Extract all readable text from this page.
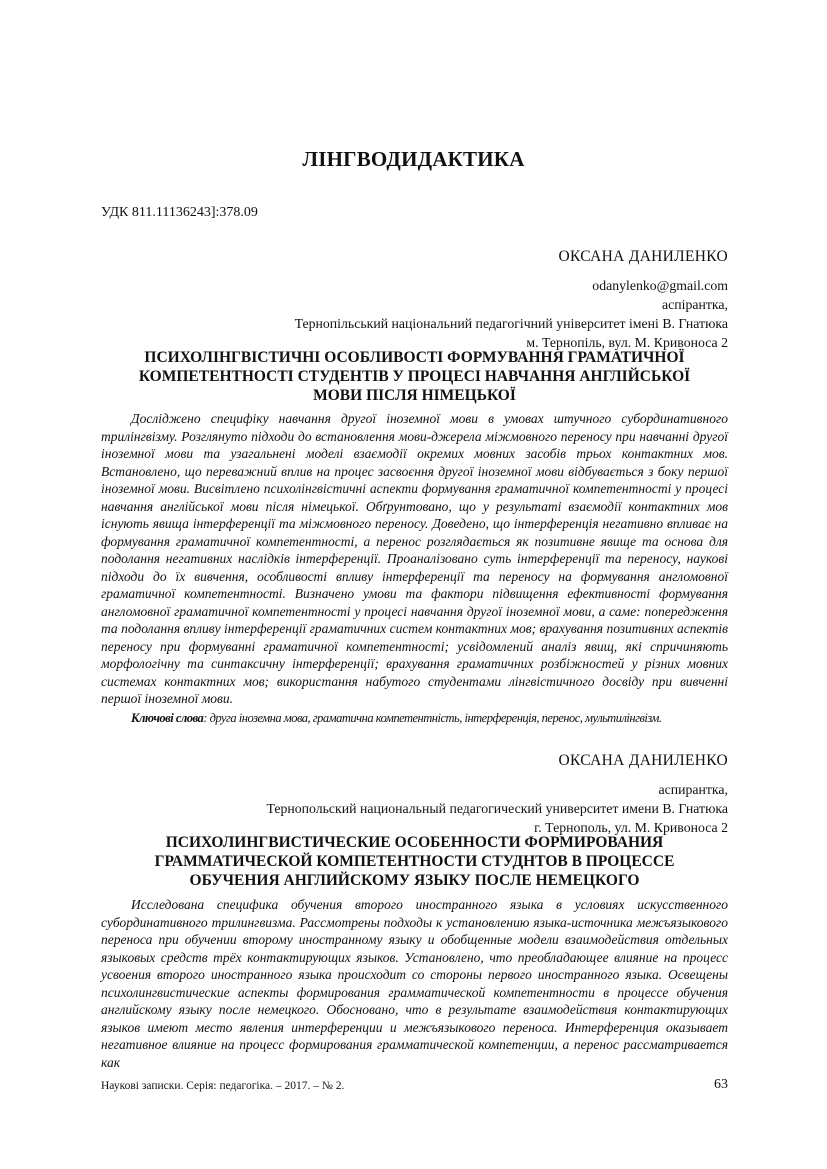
ЛІНГВОДИДАКТИКА
УДК 811.11136243]:378.09
ОКСАНА ДАНИЛЕНКО
odanylenko@gmail.com
аспірантка,
Тернопільський національний педагогічний університет імені В. Гнатюка
м. Тернопіль, вул. М. Кривоноса 2
ПСИХОЛІНГВІСТИЧНІ ОСОБЛИВОСТІ ФОРМУВАННЯ ГРАМАТИЧНОЇ
КОМПЕТЕНТНОСТІ СТУДЕНТІВ У ПРОЦЕСІ НАВЧАННЯ АНГЛІЙСЬКОЇ
МОВИ ПІСЛЯ НІМЕЦЬКОЇ

Досліджено специфіку навчання другої іноземної мови в умовах штучного субординативного трилінгвізму. Розглянуто підходи до встановлення мови-джерела міжмовного переносу при навчанні другої іноземної мови та узагальнені моделі взаємодії окремих мовних засобів трьох контактних мов. Встановлено, що переважний вплив на процес засвоєння другої іноземної мови відбувається з боку першої іноземної мови. Висвітлено психолінгвістичні аспекти формування граматичної компетентності у процесі навчання англійської мови після німецької. Обґрунтовано, що у результаті взаємодії контактних мов існують явища інтерференції та міжмовного переносу. Доведено, що інтерференція негативно впливає на формування граматичної компетентності, а перенос розглядається як позитивне явище та основа для подолання негативних наслідків інтерференції. Проаналізовано суть інтерференції та переносу, наукові підходи до їх вивчення, особливості впливу інтерференції та переносу на формування англомовної граматичної компетентності. Визначено умови та фактори підвищення ефективності формування англомовної граматичної компетентності у процесі навчання другої іноземної мови, а саме: попередження та подолання впливу інтерференції граматичних систем контактних мов; врахування позитивних аспектів переносу при формуванні граматичної компетентності; усвідомлений аналіз явищ, які спричиняють морфологічну та синтаксичну інтерференції; врахування граматичних розбіжностей у різних мовних системах контактних мов; використання набутого студентами лінгвістичного досвіду при вивченні першої іноземної мови.

Ключові слова: друга іноземна мова, граматична компетентність, інтерференція, перенос, мультилінгвізм.
ОКСАНА ДАНИЛЕНКО
аспирантка,
Тернопольский национальный педагогический университет имени В. Гнатюка
г. Тернополь, ул. М. Кривоноса 2
ПСИХОЛИНГВИСТИЧЕСКИЕ ОСОБЕННОСТИ ФОРМИРОВАНИЯ
ГРАММАТИЧЕСКОЙ КОМПЕТЕНТНОСТИ СТУДНТОВ В ПРОЦЕССЕ
ОБУЧЕНИЯ АНГЛИЙСКОМУ ЯЗЫКУ ПОСЛЕ НЕМЕЦКОГО

Исследована специфика обучения второго иностранного языка в условиях искусственного субординативного трилингвизма. Рассмотрены подходы к установлению языка-источника межъязыкового переноса при обучении второму иностранному языку и обобщенные модели взаимодействия отдельных языковых средств трёх контактирующих языков. Установлено, что преобладающее влияние на процесс усвоения второго иностранного языка происходит со стороны первого иностранного языка. Освещены психолингвистические аспекты формирования грамматической компетентности в процессе обучения английскому языку после немецкого. Обосновано, что в результате взаимодействия контактирующих языков имеют место явления интерференции и межъязыкового переноса. Интерференция оказывает негативное влияние на процесс формирования грамматической компетенции, а перенос рассматривается как

Наукові записки. Серія: педагогіка. – 2017. – № 2.	63
